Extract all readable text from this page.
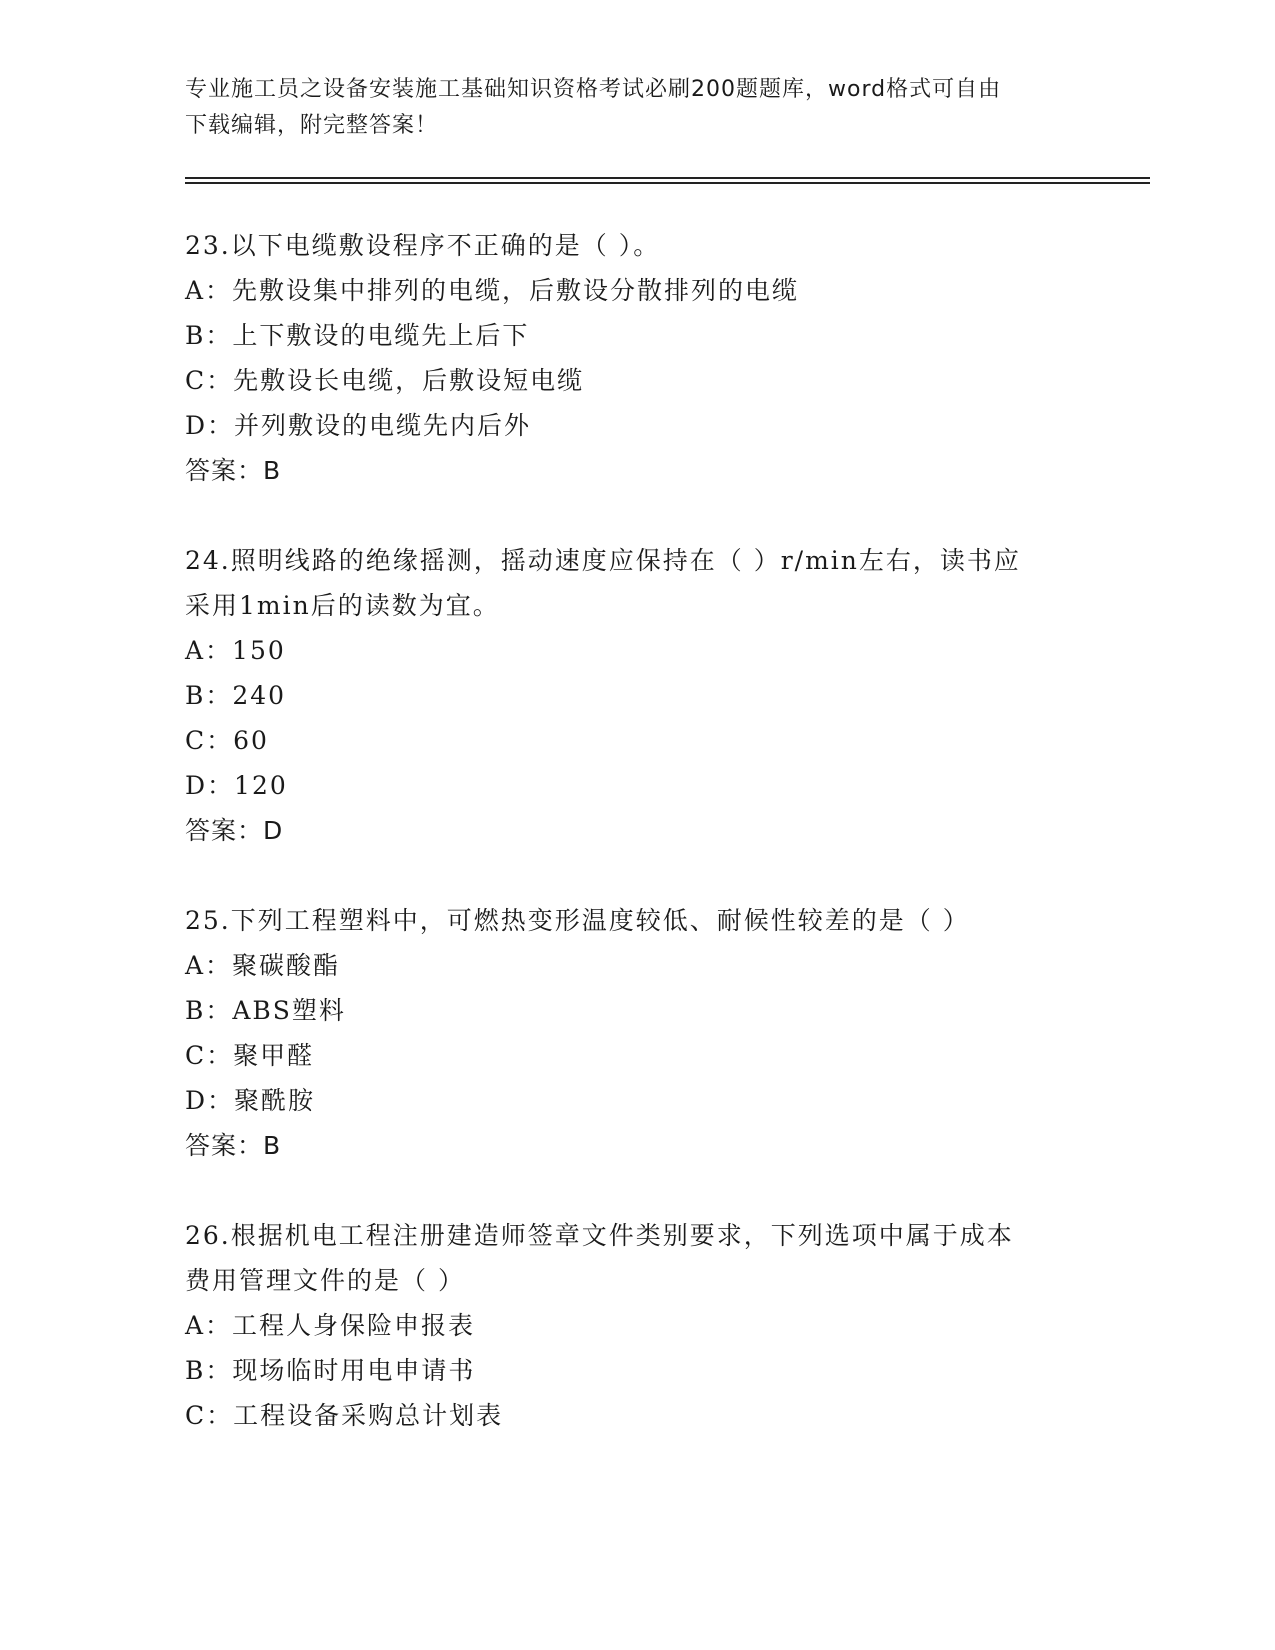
专业施工员之设备安装施工基础知识资格考试必刷200题题库，word格式可自由
下载编辑，附完整答案！

23.以下电缆敷设程序不正确的是（ ）。

A：先敷设集中排列的电缆，后敷设分散排列的电缆

B：上下敷设的电缆先上后下

C：先敷设长电缆，后敷设短电缆

D：并列敷设的电缆先内后外

答案：B

24.照明线路的绝缘摇测，摇动速度应保持在（ ）r/min左右，读书应

采用1min后的读数为宜。

A：150

B：240

C：60

D：120

答案：D

25.下列工程塑料中，可燃热变形温度较低、耐候性较差的是（ ）

A：聚碳酸酯

B：ABS塑料

C：聚甲醛

D：聚酰胺

答案：B

26.根据机电工程注册建造师签章文件类别要求，下列选项中属于成本

费用管理文件的是（ ）

A：工程人身保险申报表

B：现场临时用电申请书

C：工程设备采购总计划表
